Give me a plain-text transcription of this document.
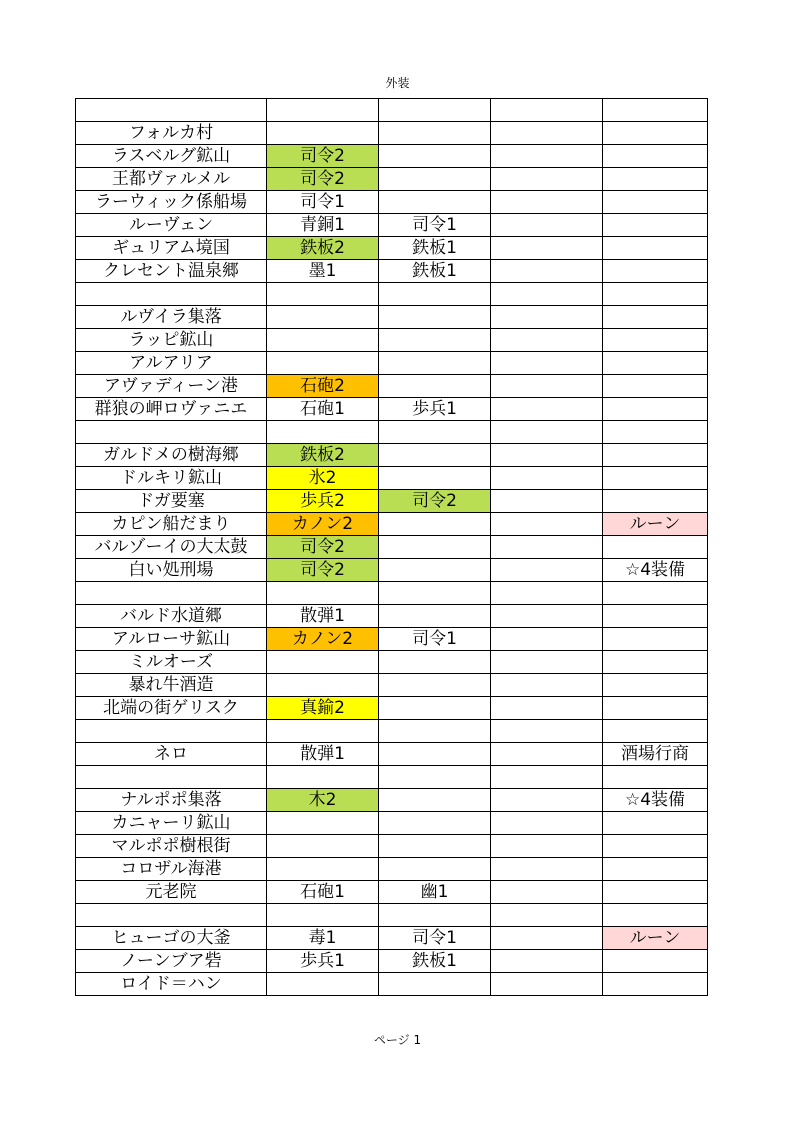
外装

フォルカ村				
ラスベルグ鉱山	司令2			
王都ヴァルメル	司令2			
ラーウィック係船場	司令1			
ルーヴェン	青銅1	司令1		
ギュリアム境国	鉄板2	鉄板1		
クレセント温泉郷	墨1	鉄板1		

ルヴイラ集落				
ラッピ鉱山				
アルアリア				
アヴァディーン港	石砲2			
群狼の岬ロヴァニエ	石砲1	歩兵1		

ガルドメの樹海郷	鉄板2			
ドルキリ鉱山	氷2			
ドガ要塞	歩兵2	司令2		
カピン船だまり	カノン2			ルーン
バルゾーイの大太鼓	司令2			
白い処刑場	司令2			☆4装備

バルド水道郷	散弾1			
アルローサ鉱山	カノン2	司令1		
ミルオーズ				
暴れ牛酒造				
北端の街ゲリスク	真鍮2			

ネロ	散弾1			酒場行商

ナルポポ集落	木2			☆4装備
カニャーリ鉱山				
マルポポ樹根街				
コロザル海港				
元老院	石砲1	幽1		

ヒューゴの大釜	毒1	司令1		ルーン
ノーンブア砦	歩兵1	鉄板1		
ロイド＝ハン				
ページ 1
